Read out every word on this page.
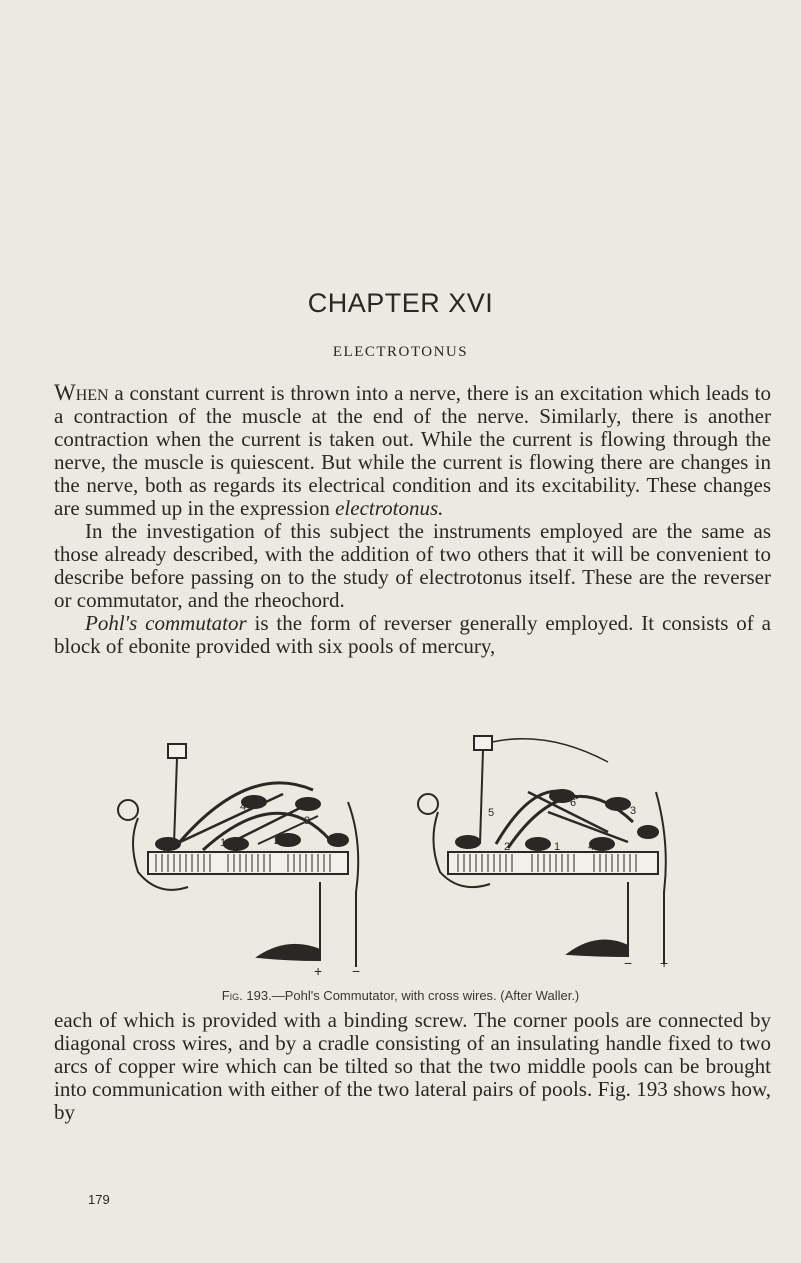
CHAPTER XVI
ELECTROTONUS

When a constant current is thrown into a nerve, there is an excitation which leads to a contraction of the muscle at the end of the nerve. Similarly, there is another contraction when the current is taken out. While the current is flowing through the nerve, the muscle is quiescent. But while the current is flowing there are changes in the nerve, both as regards its electrical condition and its excitability. These changes are summed up in the expression electrotonus.

In the investigation of this subject the instruments employed are the same as those already described, with the addition of two others that it will be convenient to describe before passing on to the study of electrotonus itself. These are the reverser or commutator, and the rheochord.

Pohl's commutator is the form of reverser generally employed. It consists of a block of ebonite provided with six pools of mercury,

4
3
1	2
+ −
6
3
5
2	1	4
− +
Fig. 193.—Pohl's Commutator, with cross wires. (After Waller.)

each of which is provided with a binding screw. The corner pools are connected by diagonal cross wires, and by a cradle consisting of an insulating handle fixed to two arcs of copper wire which can be tilted so that the two middle pools can be brought into communication with either of the two lateral pairs of pools. Fig. 193 shows how, by

179
